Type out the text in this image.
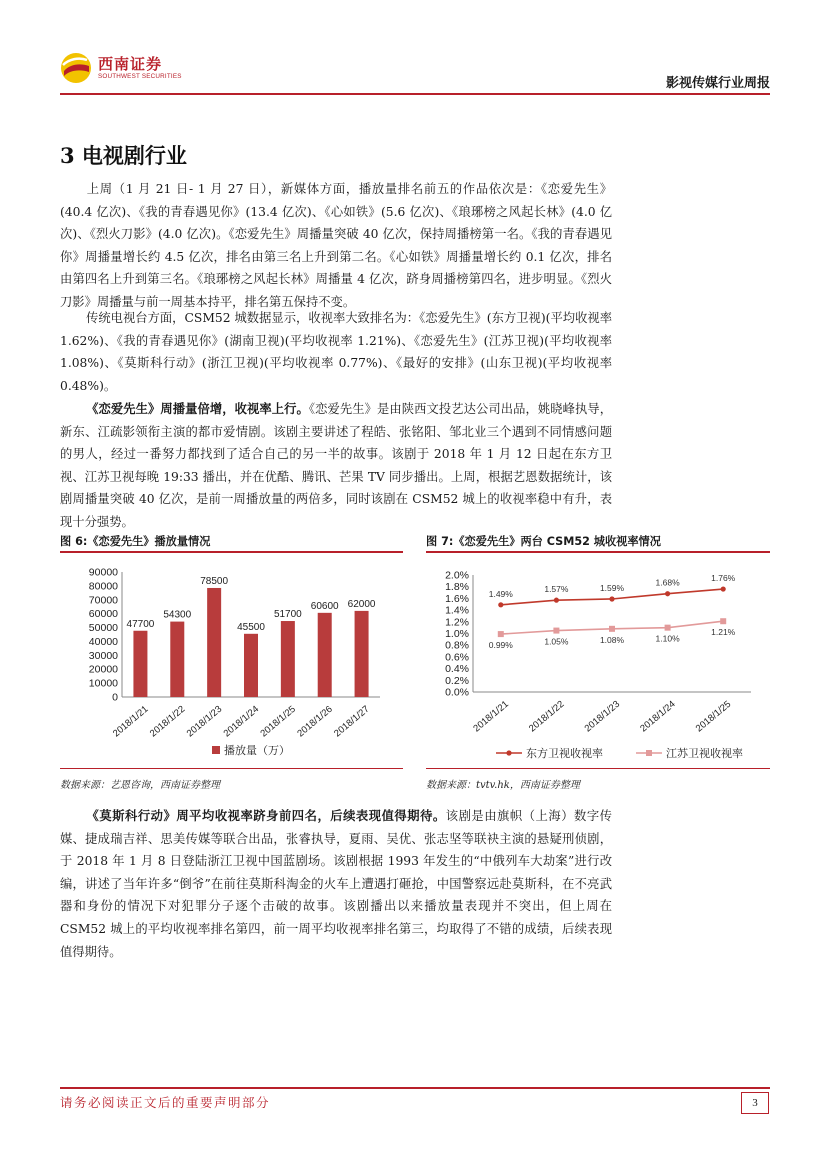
西南证券
SOUTHWEST SECURITIES	影视传媒行业周报
3 电视剧行业
上周（1 月 21 日- 1 月 27 日），新媒体方面，播放量排名前五的作品依次是：《恋爱先生》(40.4 亿次)、《我的青春遇见你》(13.4 亿次)、《心如铁》(5.6 亿次)、《琅琊榜之风起长林》(4.0 亿次)、《烈火刀影》(4.0 亿次)。《恋爱先生》周播量突破 40 亿次，保持周播榜第一名。《我的青春遇见你》周播量增长约 4.5 亿次，排名由第三名上升到第二名。《心如铁》周播量增长约 0.1 亿次，排名由第四名上升到第三名。《琅琊榜之风起长林》周播量 4 亿次，跻身周播榜第四名，进步明显。《烈火刀影》周播量与前一周基本持平，排名第五保持不变。
传统电视台方面，CSM52 城数据显示，收视率大致排名为：《恋爱先生》(东方卫视)(平均收视率 1.62%)、《我的青春遇见你》(湖南卫视)(平均收视率 1.21%)、《恋爱先生》(江苏卫视)(平均收视率 1.08%)、《莫斯科行动》(浙江卫视)(平均收视率 0.77%)、《最好的安排》(山东卫视)(平均收视率 0.48%)。
《恋爱先生》周播量倍增，收视率上行。《恋爱先生》是由陕西文投艺达公司出品，姚晓峰执导，新东、江疏影领衔主演的都市爱情剧。该剧主要讲述了程皓、张铭阳、邹北业三个遇到不同情感问题的男人，经过一番努力都找到了适合自己的另一半的故事。该剧于 2018 年 1 月 12 日起在东方卫视、江苏卫视每晚 19:33 播出，并在优酷、腾讯、芒果 TV 同步播出。上周，根据艺恩数据统计，该剧周播量突破 40 亿次，是前一周播放量的两倍多，同时该剧在 CSM52 城上的收视率稳中有升，表现十分强势。
图 6:《恋爱先生》播放量情况
90000
80000
70000
60000
50000
40000
30000
20000
10000
0
47700
2018/1/21
54300
2018/1/22
78500
2018/1/23
45500
2018/1/24
51700
2018/1/25
60600
2018/1/26
62000
2018/1/27
播放量（万）
数据来源：艺恩咨询，西南证券整理
图 7:《恋爱先生》两台 CSM52 城收视率情况
2.0%
1.8%
1.6%
1.4%
1.2%
1.0%
0.8%
0.6%
0.4%
0.2%
0.0%
1.49%	1.57%	1.59%
1.68%	1.76%
0.99%	1.05%	1.08%	1.10%
1.21%
2018/1/21 2018/1/22 2018/1/23 2018/1/24 2018/1/25
东方卫视收视率	江苏卫视收视率
数据来源：tvtv.hk，西南证券整理
《莫斯科行动》周平均收视率跻身前四名，后续表现值得期待。该剧是由旗帜（上海）数字传媒、捷成瑞吉祥、思美传媒等联合出品，张睿执导，夏雨、吴优、张志坚等联袂主演的悬疑刑侦剧，于 2018 年 1 月 8 日登陆浙江卫视中国蓝剧场。该剧根据 1993 年发生的“中俄列车大劫案”进行改编，讲述了当年许多“倒爷”在前往莫斯科淘金的火车上遭遇打砸抢，中国警察远赴莫斯科，在不亮武器和身份的情况下对犯罪分子逐个击破的故事。该剧播出以来播放量表现并不突出，但上周在 CSM52 城上的平均收视率排名第四，前一周平均收视率排名第三，均取得了不错的成绩，后续表现值得期待。
请务必阅读正文后的重要声明部分	3
